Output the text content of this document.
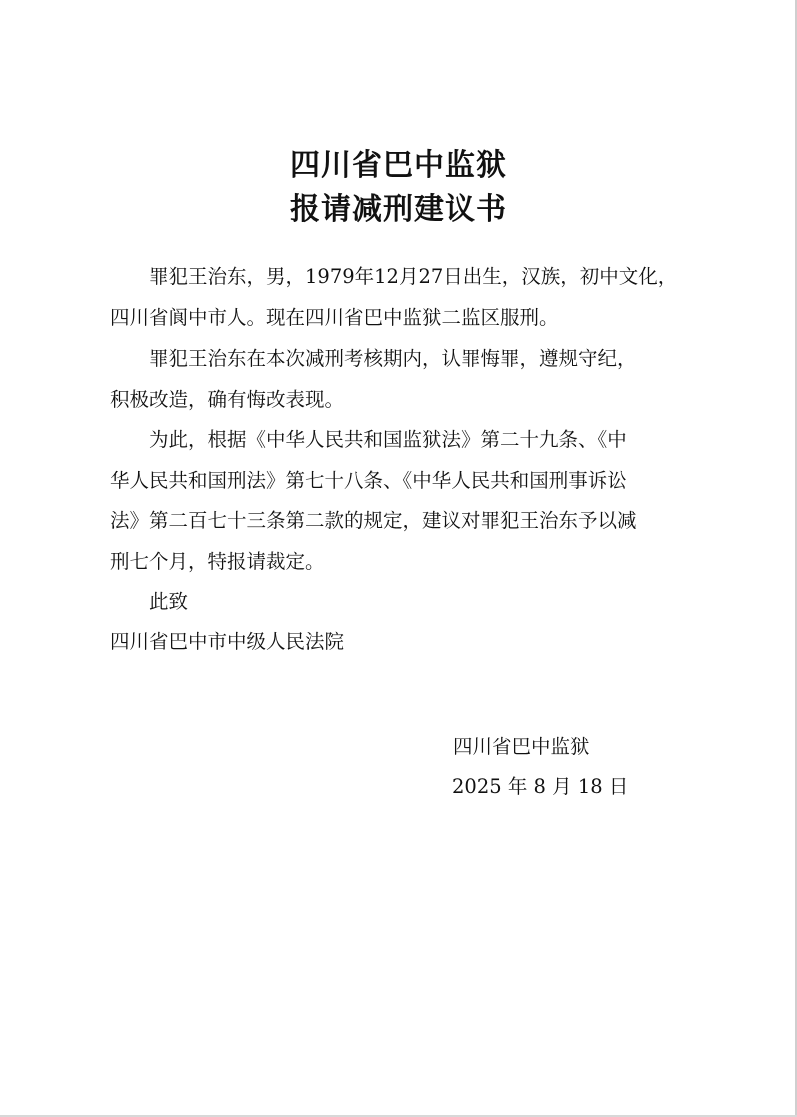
四川省巴中监狱
报请减刑建议书
罪犯王治东，男，1979年12月27日出生，汉族，初中文化，
四川省阆中市人。现在四川省巴中监狱二监区服刑。
罪犯王治东在本次减刑考核期内，认罪悔罪，遵规守纪，
积极改造，确有悔改表现。
为此，根据《中华人民共和国监狱法》第二十九条、《中
华人民共和国刑法》第七十八条、《中华人民共和国刑事诉讼
法》第二百七十三条第二款的规定，建议对罪犯王治东予以减
刑七个月，特报请裁定。
此致

四川省巴中市中级人民法院

四川省巴中监狱

2025 年 8 月 18 日
